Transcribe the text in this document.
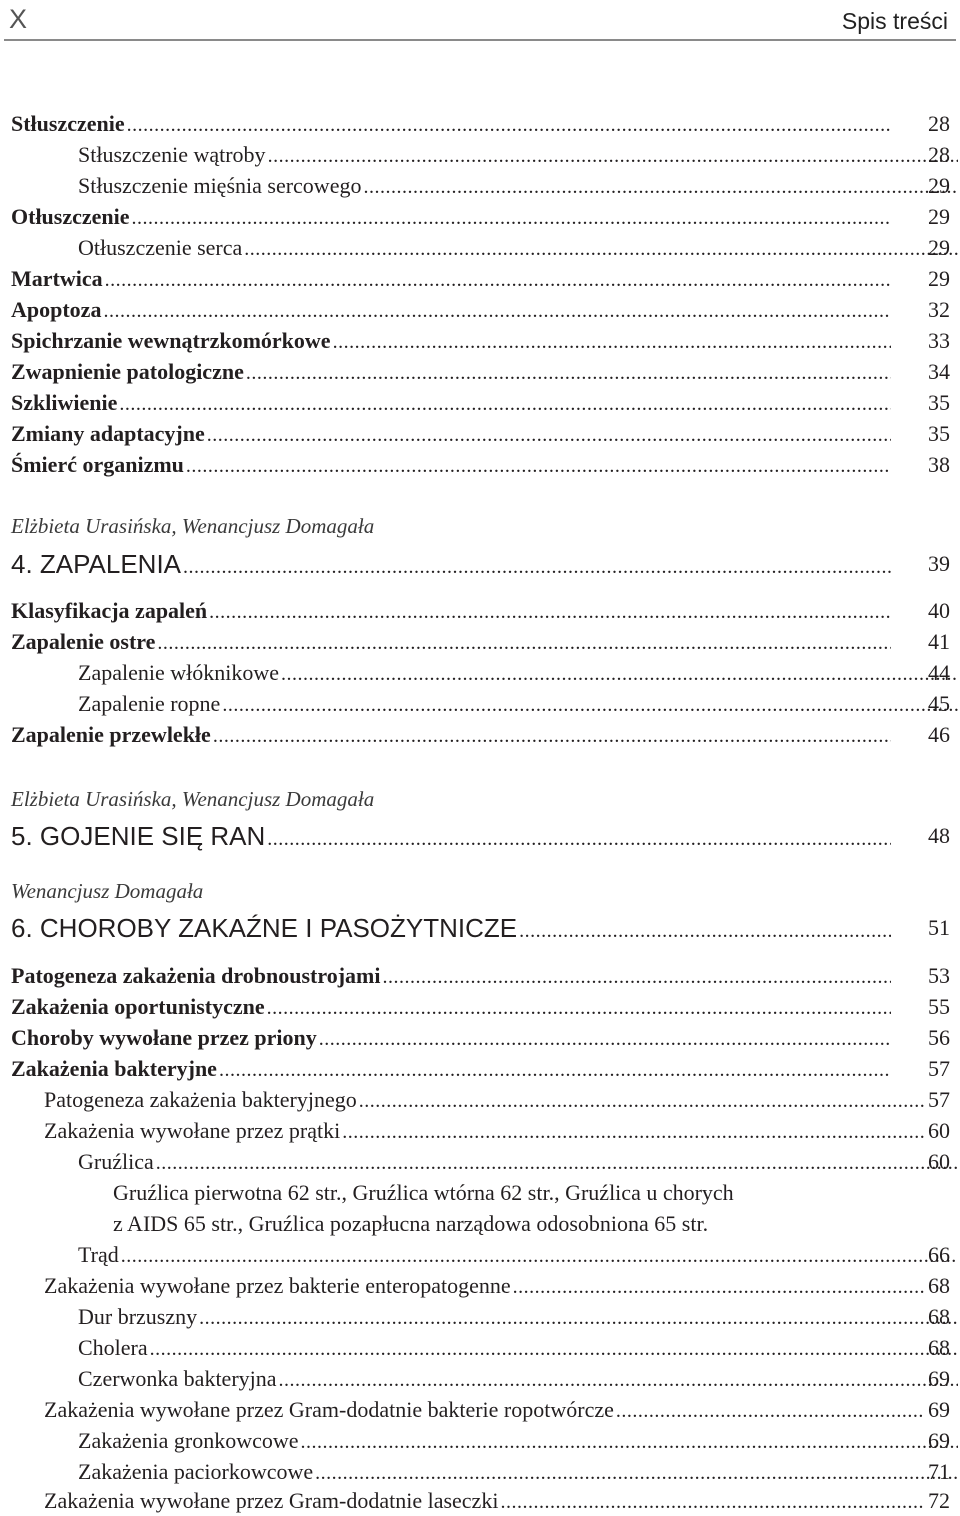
X	Spis treści
Stłuszczenie .....	28
Stłuszczenie wątroby .....	28
Stłuszczenie mięśnia sercowego .....	29
Otłuszczenie .....	29
Otłuszczenie serca .....	29
Martwica .....	29
Apoptoza .....	32
Spichrzanie wewnątrzkomórkowe .....	33
Zwapnienie patologiczne .....	34
Szkliwienie .....	35
Zmiany adaptacyjne .....	35
Śmierć organizmu .....	38
Elżbieta Urasińska, Wenancjusz Domagała
4. ZAPALENIA .....	39
Klasyfikacja zapaleń .....	40
Zapalenie ostre .....	41
Zapalenie włóknikowe .....	44
Zapalenie ropne .....	45
Zapalenie przewlekłe .....	46
Elżbieta Urasińska, Wenancjusz Domagała
5. GOJENIE SIĘ RAN .....	48
Wenancjusz Domagała
6. CHOROBY ZAKAŹNE I PASOŻYTNICZE .....	51
Patogeneza zakażenia drobnoustrojami .....	53
Zakażenia oportunistyczne .....	55
Choroby wywołane przez priony .....	56
Zakażenia bakteryjne .....	57
Patogeneza zakażenia bakteryjnego .....	57
Zakażenia wywołane przez prątki .....	60
Gruźlica .....	60
Gruźlica pierwotna 62 str., Gruźlica wtórna 62 str., Gruźlica u chorych
z AIDS 65 str., Gruźlica pozapłucna narządowa odosobniona 65 str.
Trąd .....	66
Zakażenia wywołane przez bakterie enteropatogenne .....	68
Dur brzuszny .....	68
Cholera .....	68
Czerwonka bakteryjna .....	69
Zakażenia wywołane przez Gram-dodatnie bakterie ropotwórcze .....	69
Zakażenia gronkowcowe .....	69
Zakażenia paciorkowcowe .....	71
Zakażenia wywołane przez Gram-dodatnie laseczki .....	72
